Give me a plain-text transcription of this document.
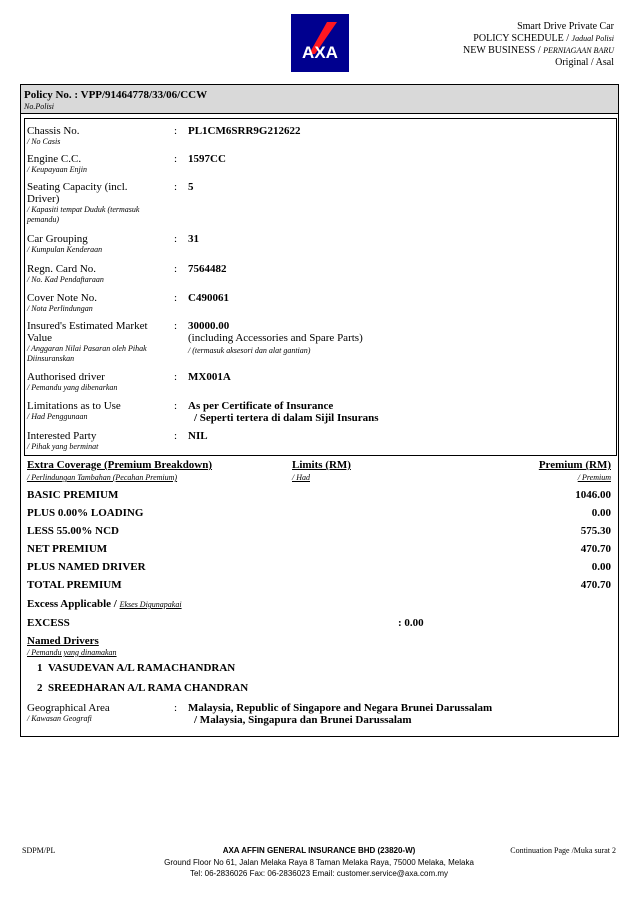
AXA
Smart Drive Private Car
POLICY SCHEDULE / Jadual Polisi
NEW BUSINESS / PERNIAGAAN BARU
Original / Asal
Policy No. : VPP/91464778/33/06/CCW
No.Polisi
Chassis No.
/ No Casis
: PL1CM6SRR9G212622
Engine C.C.
/ Keupayaan Enjin
: 1597CC
Seating Capacity (incl. Driver)
/ Kapasiti tempat Duduk (termasuk pemandu)
: 5
Car Grouping
/ Kumpulan Kenderaan
: 31
Regn. Card No.
/ No. Kad Pendaftaraan
: 7564482
Cover Note No.
/ Nota Perlindungan
: C490061
Insured's Estimated Market Value
/ Anggaran Nilai Pasaran oleh Pihak Diinsuranskan
: 30000.00
(including Accessories and Spare Parts)
/ (termasuk aksesori dan alat gantian)
Authorised driver
/ Pemandu yang dibenarkan
: MX001A
Limitations as to Use
/ Had Penggunaan
: As per Certificate of Insurance
/ Seperti tertera di dalam Sijil Insurans
Interested Party
/ Pihak yang berminat
: NIL
Extra Coverage (Premium Breakdown)
/ Perlindungan Tambahan (Pecahan Premium)
Limits (RM)
/ Had
Premium (RM)
/ Premium
BASIC PREMIUM	1046.00
PLUS 0.00% LOADING	0.00
LESS 55.00% NCD	575.30
NET PREMIUM	470.70
PLUS NAMED DRIVER	0.00
TOTAL PREMIUM	470.70
Excess Applicable / Ekses Digunapakai
EXCESS	: 0.00
Named Drivers
/ Pemandu yang dinamakan
1 VASUDEVAN A/L RAMACHANDRAN
2 SREEDHARAN A/L RAMA CHANDRAN
Geographical Area
/ Kawasan Geografi
: Malaysia, Republic of Singapore and Negara Brunei Darussalam
/ Malaysia, Singapura dan Brunei Darussalam
SDPM/PL	AXA AFFIN GENERAL INSURANCE BHD (23820-W)	Continuation Page /Muka surat 2
Ground Floor No 61, Jalan Melaka Raya 8 Taman Melaka Raya, 75000 Melaka, Melaka
Tel: 06-2836026 Fax: 06-2836023 Email: customer.service@axa.com.my
